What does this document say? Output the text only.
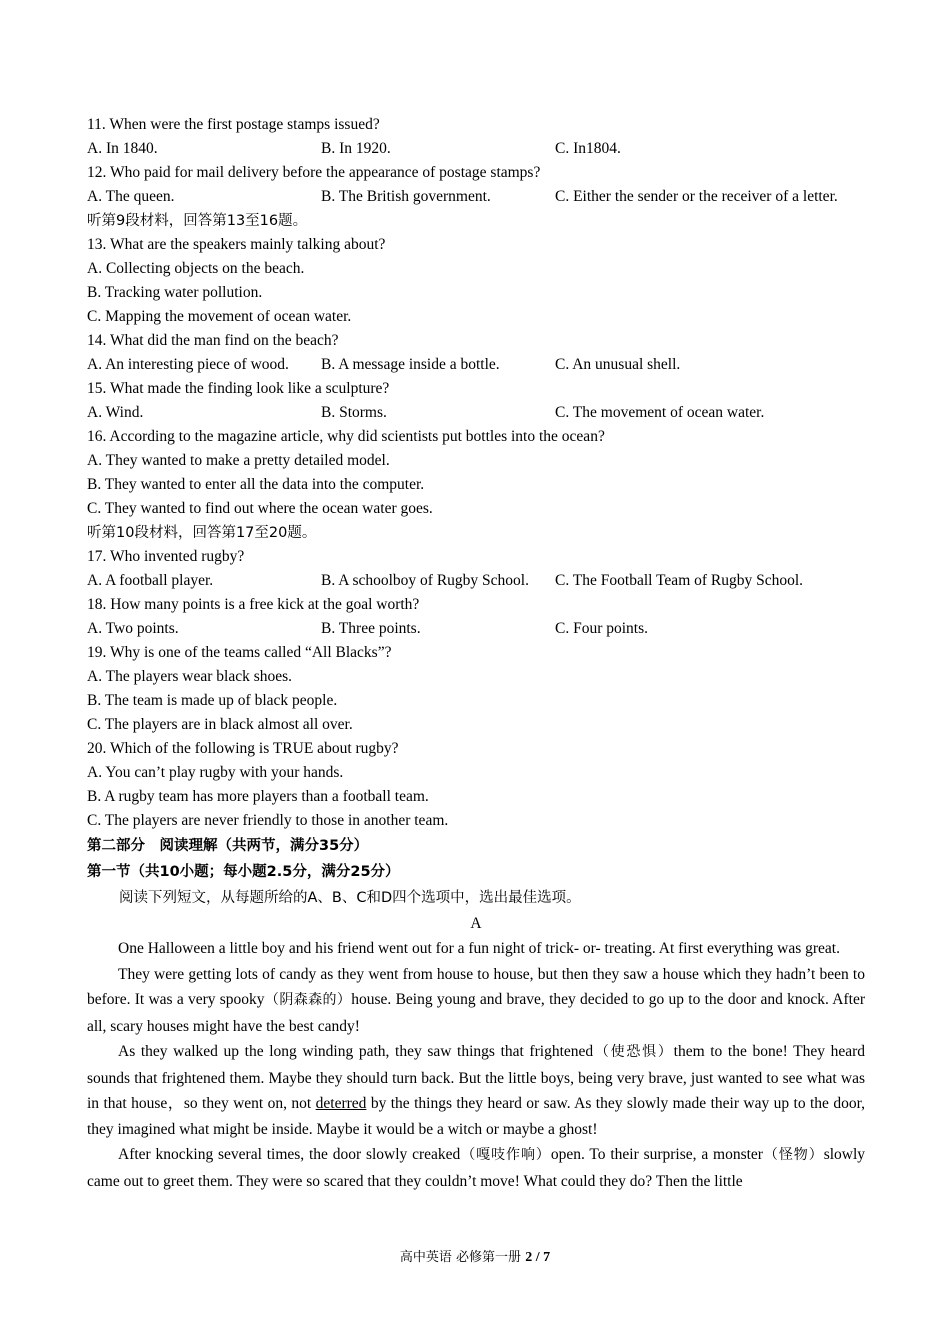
11. When were the first postage stamps issued?
A. In 1840.	B. In 1920.	C. In1804.
12. Who paid for mail delivery before the appearance of postage stamps?
A. The queen.	B. The British government.	C. Either the sender or the receiver of a letter.
听第9段材料，回答第13至16题。
13. What are the speakers mainly talking about?
A. Collecting objects on the beach.
B. Tracking water pollution.
C. Mapping the movement of ocean water.
14. What did the man find on the beach?
A. An interesting piece of wood.	B. A message inside a bottle.	C. An unusual shell.
15. What made the finding look like a sculpture?
A. Wind.	B. Storms.	C. The movement of ocean water.
16. According to the magazine article, why did scientists put bottles into the ocean?
A. They wanted to make a pretty detailed model.
B. They wanted to enter all the data into the computer.
C. They wanted to find out where the ocean water goes.
听第10段材料，回答第17至20题。
17. Who invented rugby?
A. A football player.	B. A schoolboy of Rugby School.	C. The Football Team of Rugby School.
18. How many points is a free kick at the goal worth?
A. Two points.	B. Three points.	C. Four points.
19. Why is one of the teams called “All Blacks”?
A. The players wear black shoes.
B. The team is made up of black people.
C. The players are in black almost all over.
20. Which of the following is TRUE about rugby?
A. You can’t play rugby with your hands.
B. A rugby team has more players than a football team.
C. The players are never friendly to those in another team.
第二部分　阅读理解（共两节，满分35分）
第一节（共10小题；每小题2.5分，满分25分）
阅读下列短文，从每题所给的A、B、C和D四个选项中，选出最佳选项。
A

One Halloween a little boy and his friend went out for a fun night of trick- or- treating. At first everything was great.

They were getting lots of candy as they went from house to house, but then they saw a house which they hadn’t been to before. It was a very spooky（阴森森的）house. Being young and brave, they decided to go up to the door and knock. After all, scary houses might have the best candy!

As they walked up the long winding path, they saw things that frightened（使恐惧）them to the bone! They heard sounds that frightened them. Maybe they should turn back. But the little boys, being very brave, just wanted to see what was in that house，so they went on, not deterred by the things they heard or saw. As they slowly made their way up to the door, they imagined what might be inside. Maybe it would be a witch or maybe a ghost!

After knocking several times, the door slowly creaked（嘎吱作响）open. To their surprise, a monster（怪物）slowly came out to greet them. They were so scared that they couldn’t move! What could they do? Then the little

高中英语 必修第一册 2 / 7
